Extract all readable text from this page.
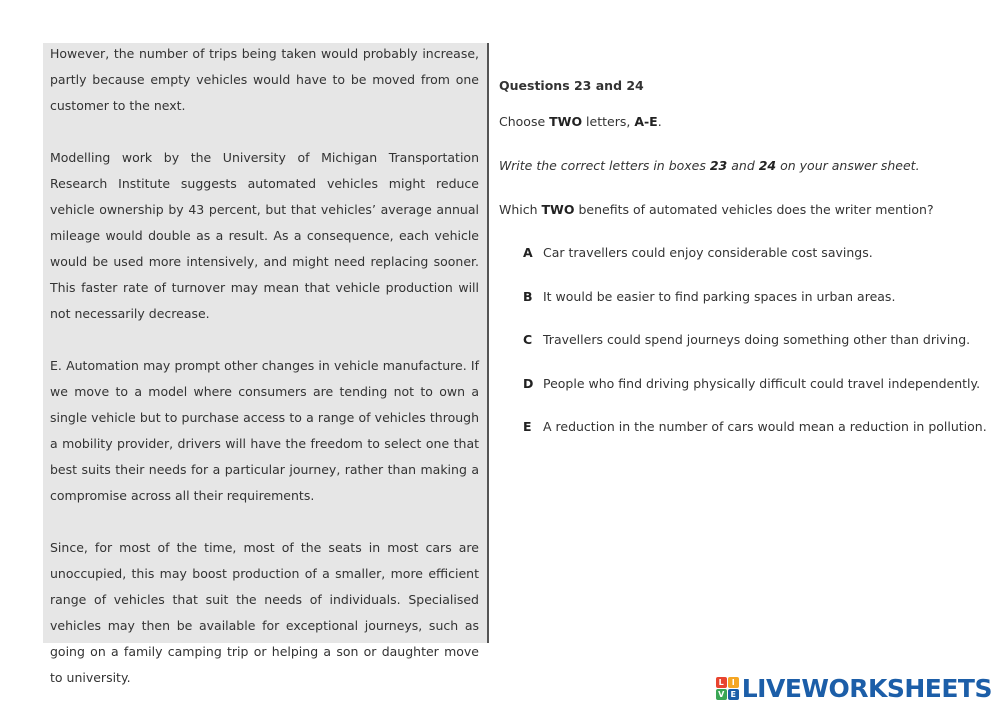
However, the number of trips being taken would probably increase, partly because empty vehicles would have to be moved from one customer to the next.

Modelling work by the University of Michigan Transportation Research Institute suggests automated vehicles might reduce vehicle ownership by 43 percent, but that vehicles’ average annual mileage would double as a result. As a consequence, each vehicle would be used more intensively, and might need replacing sooner. This faster rate of turnover may mean that vehicle production will not necessarily decrease.

E. Automation may prompt other changes in vehicle manufacture. If we move to a model where consumers are tending not to own a single vehicle but to purchase access to a range of vehicles through a mobility provider, drivers will have the freedom to select one that best suits their needs for a particular journey, rather than making a compromise across all their requirements.

Since, for most of the time, most of the seats in most cars are unoccupied, this may boost production of a smaller, more efficient range of vehicles that suit the needs of individuals. Specialised vehicles may then be available for exceptional journeys, such as going on a family camping trip or helping a son or daughter move to university.

Questions 23 and 24
Choose TWO letters, A-E.
Write the correct letters in boxes 23 and 24 on your answer sheet.
Which TWO benefits of automated vehicles does the writer mention?
A Car travellers could enjoy considerable cost savings.
B It would be easier to find parking spaces in urban areas.
C Travellers could spend journeys doing something other than driving.
D People who find driving physically difficult could travel independently.
E A reduction in the number of cars would mean a reduction in pollution.
L I
V E LIVEWORKSHEETS
